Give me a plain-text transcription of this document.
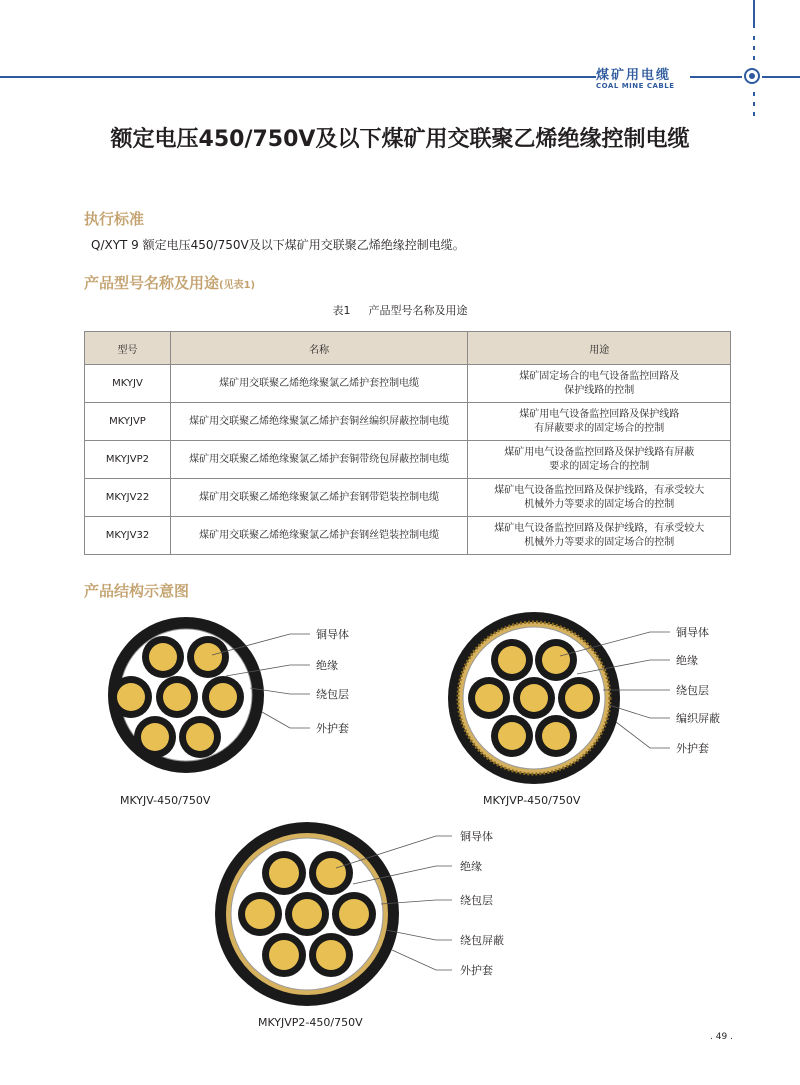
煤矿用电缆
COAL MINE CABLE
额定电压450/750V及以下煤矿用交联聚乙烯绝缘控制电缆
执行标准
Q/XYT 9 额定电压450/750V及以下煤矿用交联聚乙烯绝缘控制电缆。
产品型号名称及用途(见表1)
表1 产品型号名称及用途
型号	名称	用途
MKYJV	煤矿用交联聚乙烯绝缘聚氯乙烯护套控制电缆	煤矿固定场合的电气设备监控回路及
保护线路的控制
MKYJVP	煤矿用交联聚乙烯绝缘聚氯乙烯护套铜丝编织屏蔽控制电缆	煤矿用电气设备监控回路及保护线路
有屏蔽要求的固定场合的控制
MKYJVP2	煤矿用交联聚乙烯绝缘聚氯乙烯护套铜带绕包屏蔽控制电缆	煤矿用电气设备监控回路及保护线路有屏蔽
要求的固定场合的控制
MKYJV22	煤矿用交联聚乙烯绝缘聚氯乙烯护套钢带铠装控制电缆	煤矿电气设备监控回路及保护线路，有承受较大
机械外力等要求的固定场合的控制
MKYJV32	煤矿用交联聚乙烯绝缘聚氯乙烯护套钢丝铠装控制电缆	煤矿电气设备监控回路及保护线路，有承受较大
机械外力等要求的固定场合的控制
产品结构示意图
铜导体
绝缘
绕包层
外护套
MKYJV-450/750V
铜导体
绝缘
绕包层
编织屏蔽
外护套
MKYJVP-450/750V
铜导体
绝缘
绕包层
绕包屏蔽
外护套
MKYJVP2-450/750V
. 49 .
